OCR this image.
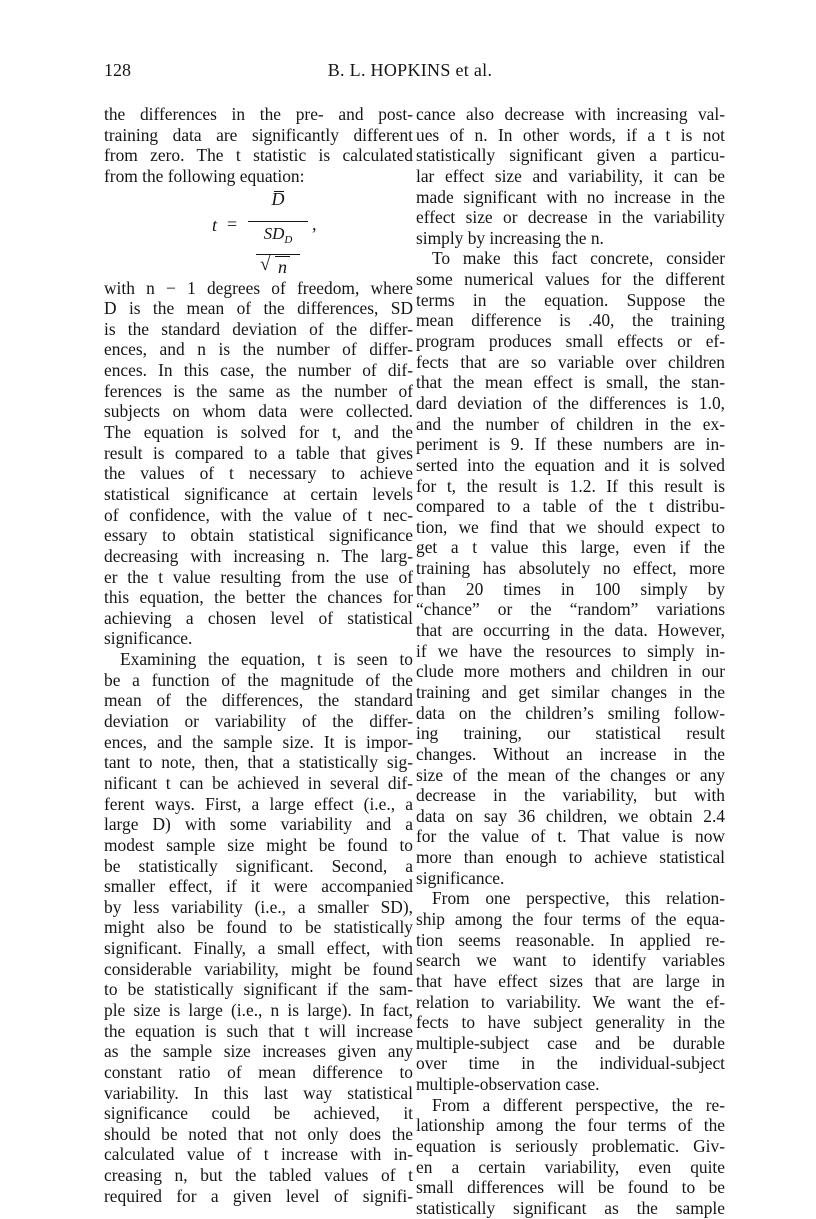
128	B. L. HOPKINS et al.
the differences in the pre- and post-
training data are significantly different
from zero. The t statistic is calculated
from the following equation:
t =
D
$SD_D$
√ n
,
with n − 1 degrees of freedom, where
D is the mean of the differences, SD
is the standard deviation of the differ-
ences, and n is the number of differ-
ences. In this case, the number of dif-
ferences is the same as the number of
subjects on whom data were collected.
The equation is solved for t, and the
result is compared to a table that gives
the values of t necessary to achieve
statistical significance at certain levels
of confidence, with the value of t nec-
essary to obtain statistical significance
decreasing with increasing n. The larg-
er the t value resulting from the use of
this equation, the better the chances for
achieving a chosen level of statistical
significance.
Examining the equation, t is seen to
be a function of the magnitude of the
mean of the differences, the standard
deviation or variability of the differ-
ences, and the sample size. It is impor-
tant to note, then, that a statistically sig-
nificant t can be achieved in several dif-
ferent ways. First, a large effect (i.e., a
large D) with some variability and a
modest sample size might be found to
be statistically significant. Second, a
smaller effect, if it were accompanied
by less variability (i.e., a smaller SD),
might also be found to be statistically
significant. Finally, a small effect, with
considerable variability, might be found
to be statistically significant if the sam-
ple size is large (i.e., n is large). In fact,
the equation is such that t will increase
as the sample size increases given any
constant ratio of mean difference to
variability. In this last way statistical
significance could be achieved, it
should be noted that not only does the
calculated value of t increase with in-
creasing n, but the tabled values of t
required for a given level of signifi-
cance also decrease with increasing val-
ues of n. In other words, if a t is not
statistically significant given a particu-
lar effect size and variability, it can be
made significant with no increase in the
effect size or decrease in the variability
simply by increasing the n.
To make this fact concrete, consider
some numerical values for the different
terms in the equation. Suppose the
mean difference is .40, the training
program produces small effects or ef-
fects that are so variable over children
that the mean effect is small, the stan-
dard deviation of the differences is 1.0,
and the number of children in the ex-
periment is 9. If these numbers are in-
serted into the equation and it is solved
for t, the result is 1.2. If this result is
compared to a table of the t distribu-
tion, we find that we should expect to
get a t value this large, even if the
training has absolutely no effect, more
than 20 times in 100 simply by
“chance” or the “random” variations
that are occurring in the data. However,
if we have the resources to simply in-
clude more mothers and children in our
training and get similar changes in the
data on the children’s smiling follow-
ing training, our statistical result
changes. Without an increase in the
size of the mean of the changes or any
decrease in the variability, but with
data on say 36 children, we obtain 2.4
for the value of t. That value is now
more than enough to achieve statistical
significance.
From one perspective, this relation-
ship among the four terms of the equa-
tion seems reasonable. In applied re-
search we want to identify variables
that have effect sizes that are large in
relation to variability. We want the ef-
fects to have subject generality in the
multiple-subject case and be durable
over time in the individual-subject
multiple-observation case.
From a different perspective, the re-
lationship among the four terms of the
equation is seriously problematic. Giv-
en a certain variability, even quite
small differences will be found to be
statistically significant as the sample
